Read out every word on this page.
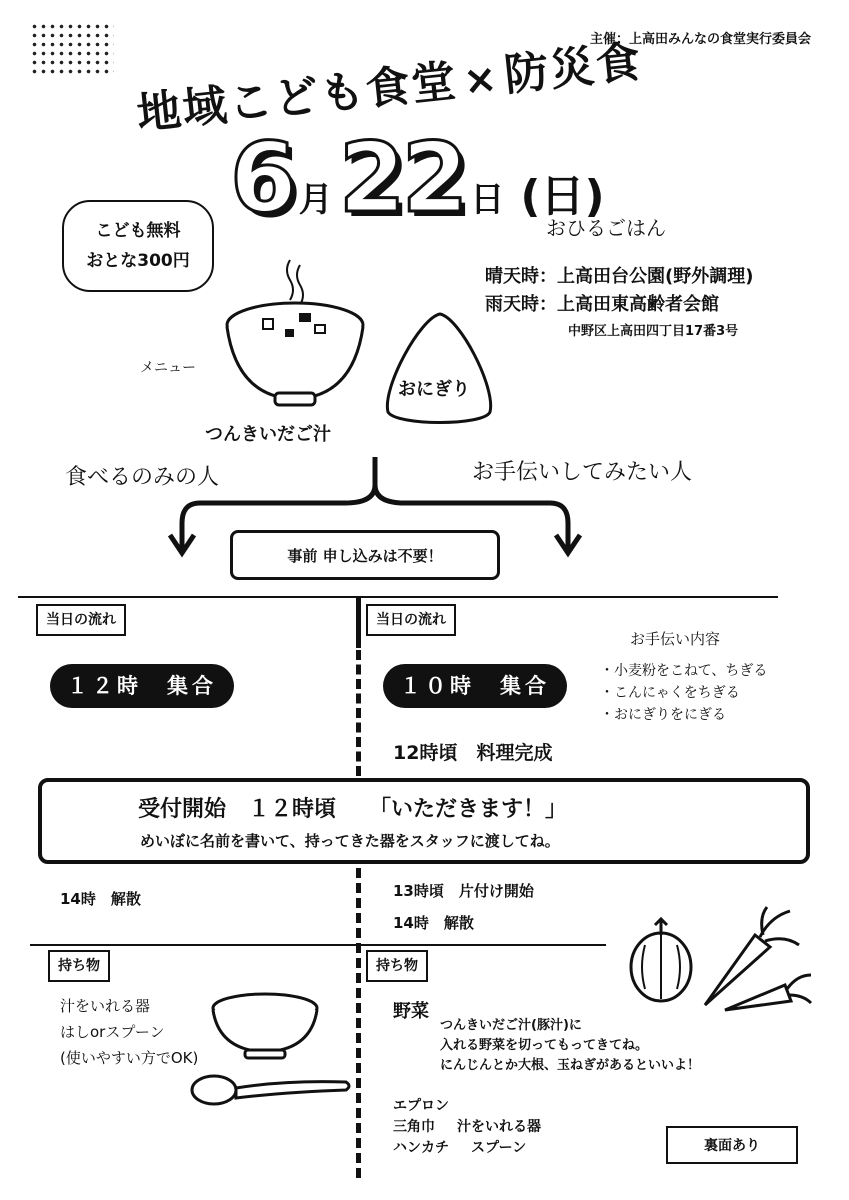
主催：上高田みんなの食堂実行委員会
地域こども食堂×防災食
6 月22 日 (日)
おひるごはん
こども無料
おとな300円
晴天時：上高田台公園(野外調理)
雨天時：上高田東高齢者会館
中野区上高田四丁目17番3号
メニュー
つんきいだご汁
おにぎり
食べるのみの人	お手伝いしてみたい人
事前 申し込みは不要！
当日の流れ
１２時　集合
当日の流れ
１０時　集合
12時頃　料理完成
お手伝い内容
・ 小麦粉をこねて、ちぎる
・ こんにゃくをちぎる
・ おにぎりをにぎる
受付開始　１２時頃　　「いただきます！」
めいぼに名前を書いて、持ってきた器をスタッフに渡してね。
14時　解散	13時頃　片付け開始
14時　解散
持ち物
汁をいれる器
はしorスプーン
(使いやすい方でOK)
持ち物
野菜
つんきいだご汁(豚汁)に
入れる野菜を切ってもってきてね。
にんじんとか大根、玉ねぎがあるといいよ！
エプロン
三角巾 汁をいれる器
ハンカチ スプーン	裏面あり
